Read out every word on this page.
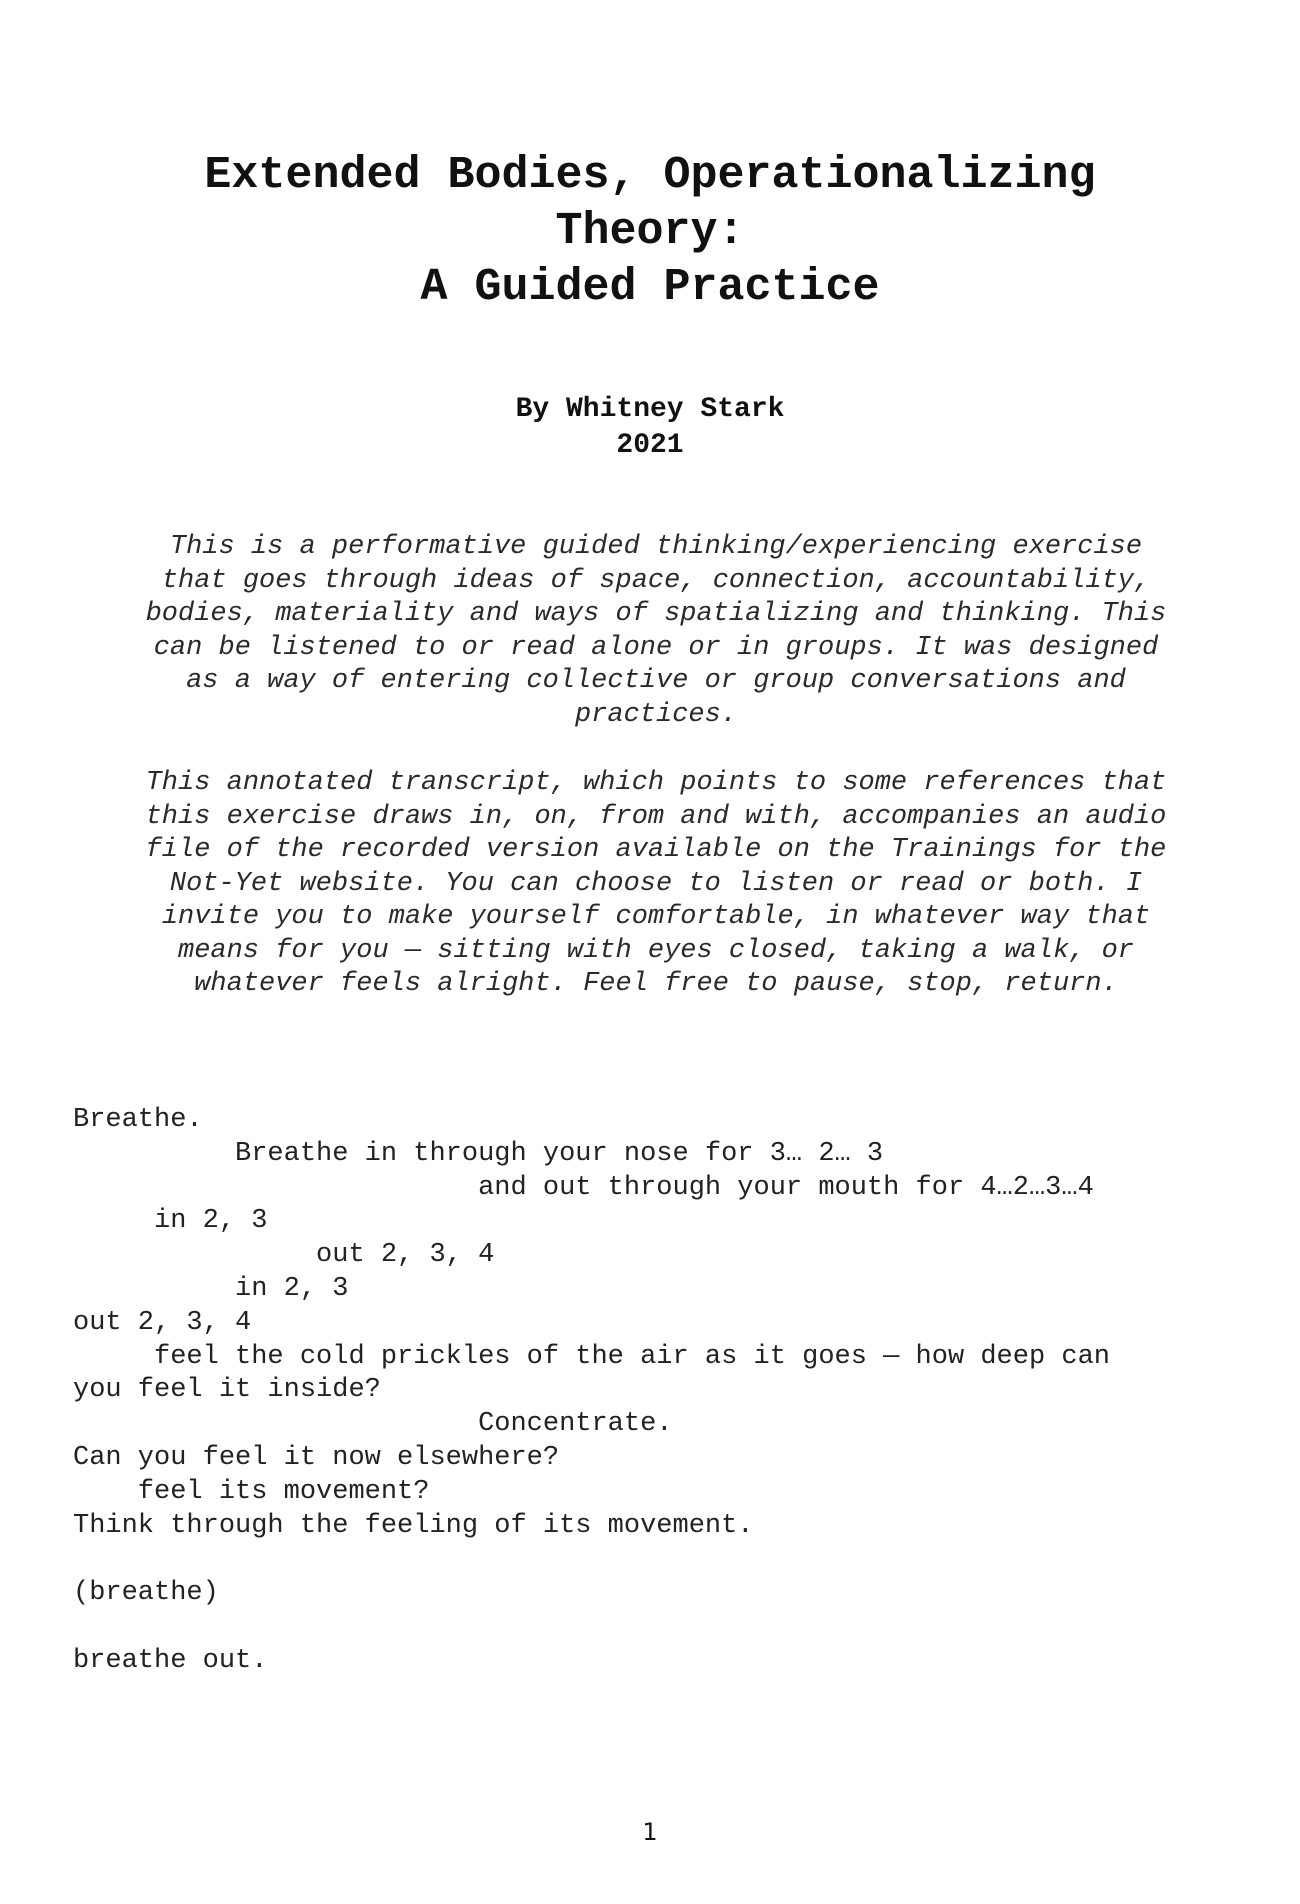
Extended Bodies, Operationalizing
Theory:
A Guided Practice
By Whitney Stark
2021
This is a performative guided thinking/experiencing exercise
that goes through ideas of space, connection, accountability,
bodies, materiality and ways of spatializing and thinking. This
can be listened to or read alone or in groups. It was designed
as a way of entering collective or group conversations and
practices.
This annotated transcript, which points to some references that
this exercise draws in, on, from and with, accompanies an audio
file of the recorded version available on the Trainings for the
Not-Yet website. You can choose to listen or read or both. I
invite you to make yourself comfortable, in whatever way that
means for you — sitting with eyes closed, taking a walk, or
whatever feels alright. Feel free to pause, stop, return.
Breathe.
Breathe in through your nose for 3… 2… 3
and out through your mouth for 4…2…3…4
in 2, 3
out 2, 3, 4
in 2, 3
out 2, 3, 4
feel the cold prickles of the air as it goes — how deep can
you feel it inside?
Concentrate.
Can you feel it now elsewhere?
feel its movement?
Think through the feeling of its movement.
(breathe)
breathe out.
1
